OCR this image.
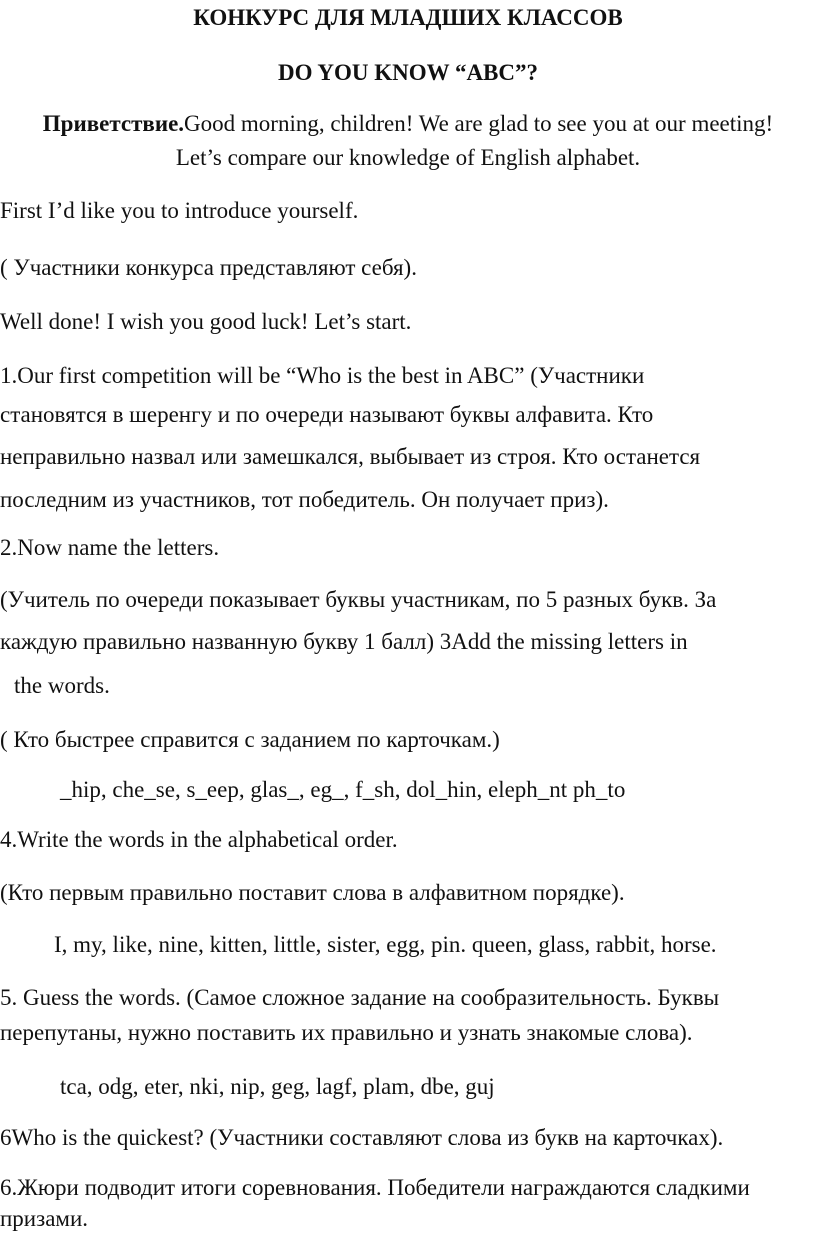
КОНКУРС ДЛЯ МЛАДШИХ КЛАССОВ
DO YOU KNOW “ABC”?
Приветствие.Good morning, children! We are glad to see you at our meeting!
Let’s compare our knowledge of English alphabet.
First I’d like you to introduce yourself.
( Участники конкурса представляют себя).
Well done! I wish you good luck! Let’s start.
1.Our first competition will be “Who is the best in ABC” (Участники
становятся в шеренгу и по очереди называют буквы алфавита. Кто
неправильно назвал или замешкался, выбывает из строя. Кто останется
последним из участников, тот победитель. Он получает приз).
2.Now name the letters.
(Учитель по очереди показывает буквы участникам, по 5 разных букв. За
каждую правильно названную букву 1 балл) 3Add the missing letters in
the words.
( Кто быстрее справится с заданием по карточкам.)
_hip, che_se, s_eep, glas_, eg_, f_sh, dol_hin, eleph_nt ph_to
4.Write the words in the alphabetical order.
(Кто первым правильно поставит слова в алфавитном порядке).
I, my, like, nine, kitten, little, sister, egg, pin. queen, glass, rabbit, horse.
5. Guess the words. (Самое сложное задание на сообразительность. Буквы
перепутаны, нужно поставить их правильно и узнать знакомые слова).
tca, odg, eter, nki, nip, geg, lagf, plam, dbe, guj
6Who is the quickest? (Участники составляют слова из букв на карточках).
6.Жюри подводит итоги соревнования. Победители награждаются сладкими
призами.
